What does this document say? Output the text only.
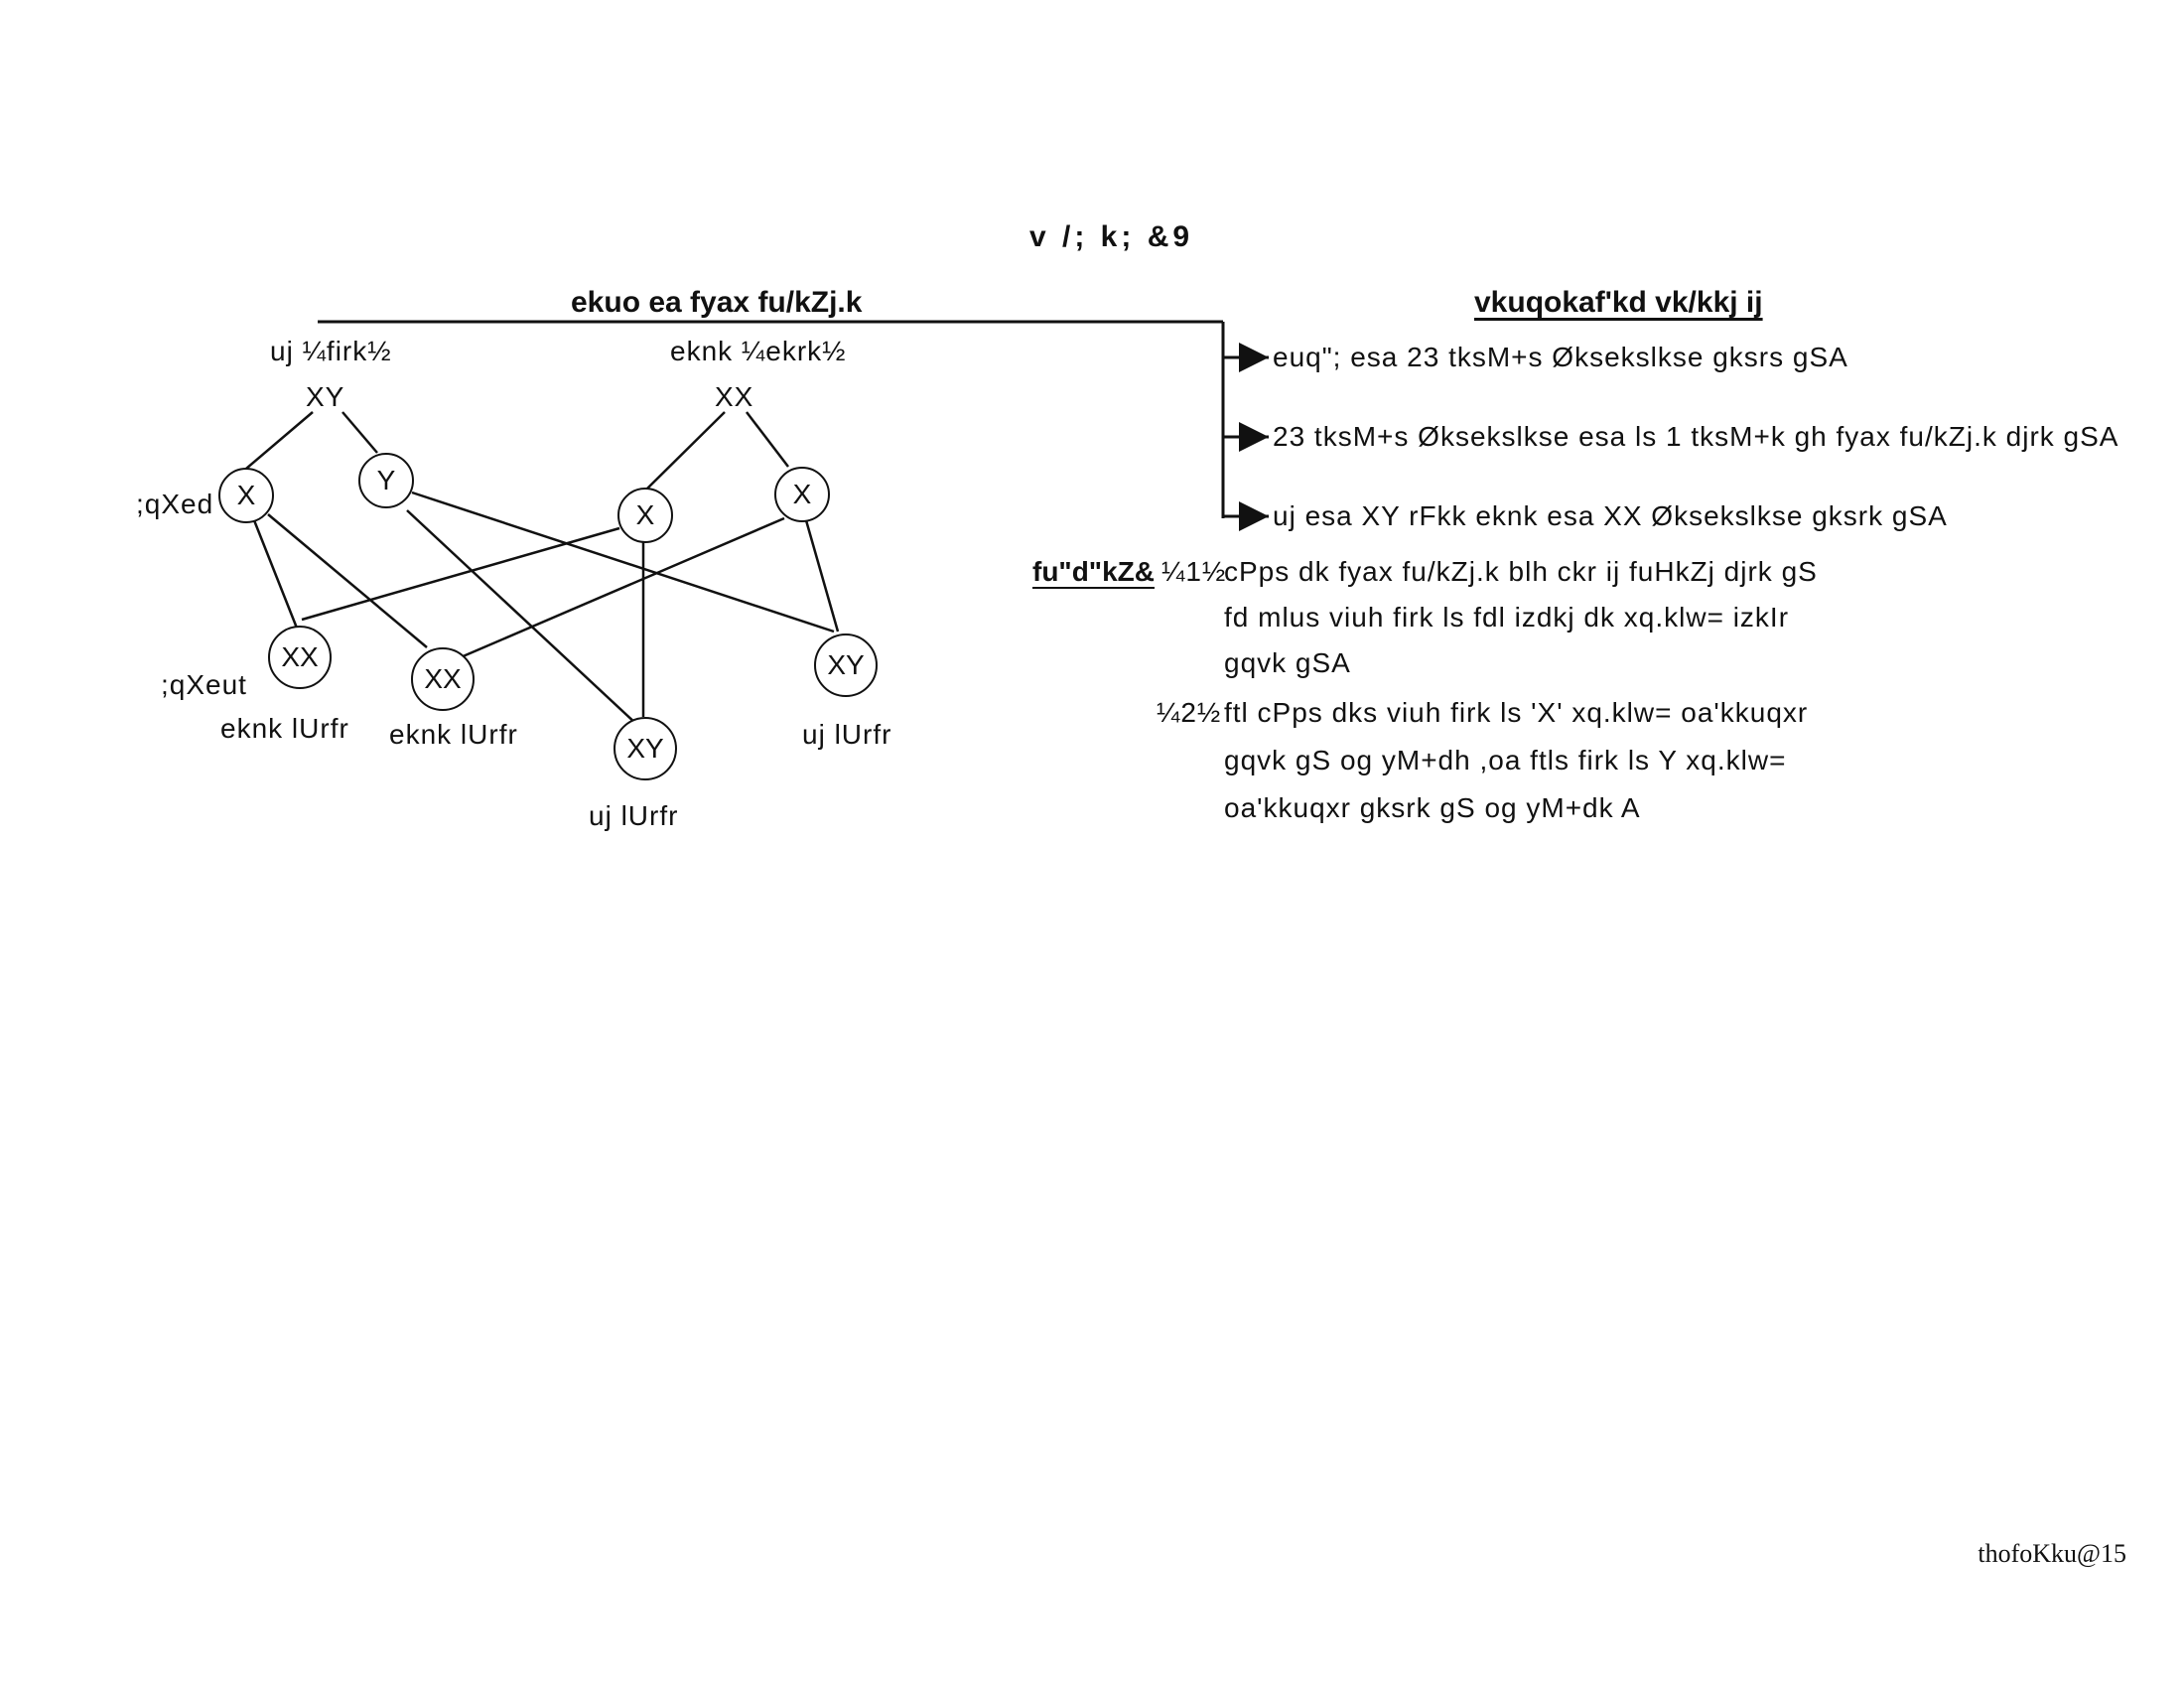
v /; k; &9
ekuo ea fyax fu/kZj.k	vkuqokaf'kd vk/kkj ij
uj ¼firk½
XY
eknk ¼ekrk½
XX
;qXed X	Y
X
X
;qXeut
XX
XX
XY
XY
eknk lUrfr eknk lUrfr
uj lUrfr
uj lUrfr
euq"; esa 23 tksM+s Øksekslkse gksrs gSA
23 tksM+s Øksekslkse esa ls 1 tksM+k gh fyax fu/kZj.k djrk gSA
uj esa XY rFkk eknk esa XX Øksekslkse gksrk gSA
fu"d"kZ& ¼1½
cPps dk fyax fu/kZj.k blh ckr ij fuHkZj djrk gS
fd mlus viuh firk ls fdl izdkj dk xq.klw= izkIr
gqvk gSA
¼2½ ftl cPps dks viuh firk ls 'X' xq.klw= oa'kkuqxr
gqvk gS og yM+dh ,oa ftls firk ls Y xq.klw=
oa'kkuqxr gksrk gS og yM+dk A
thofoKku@15
